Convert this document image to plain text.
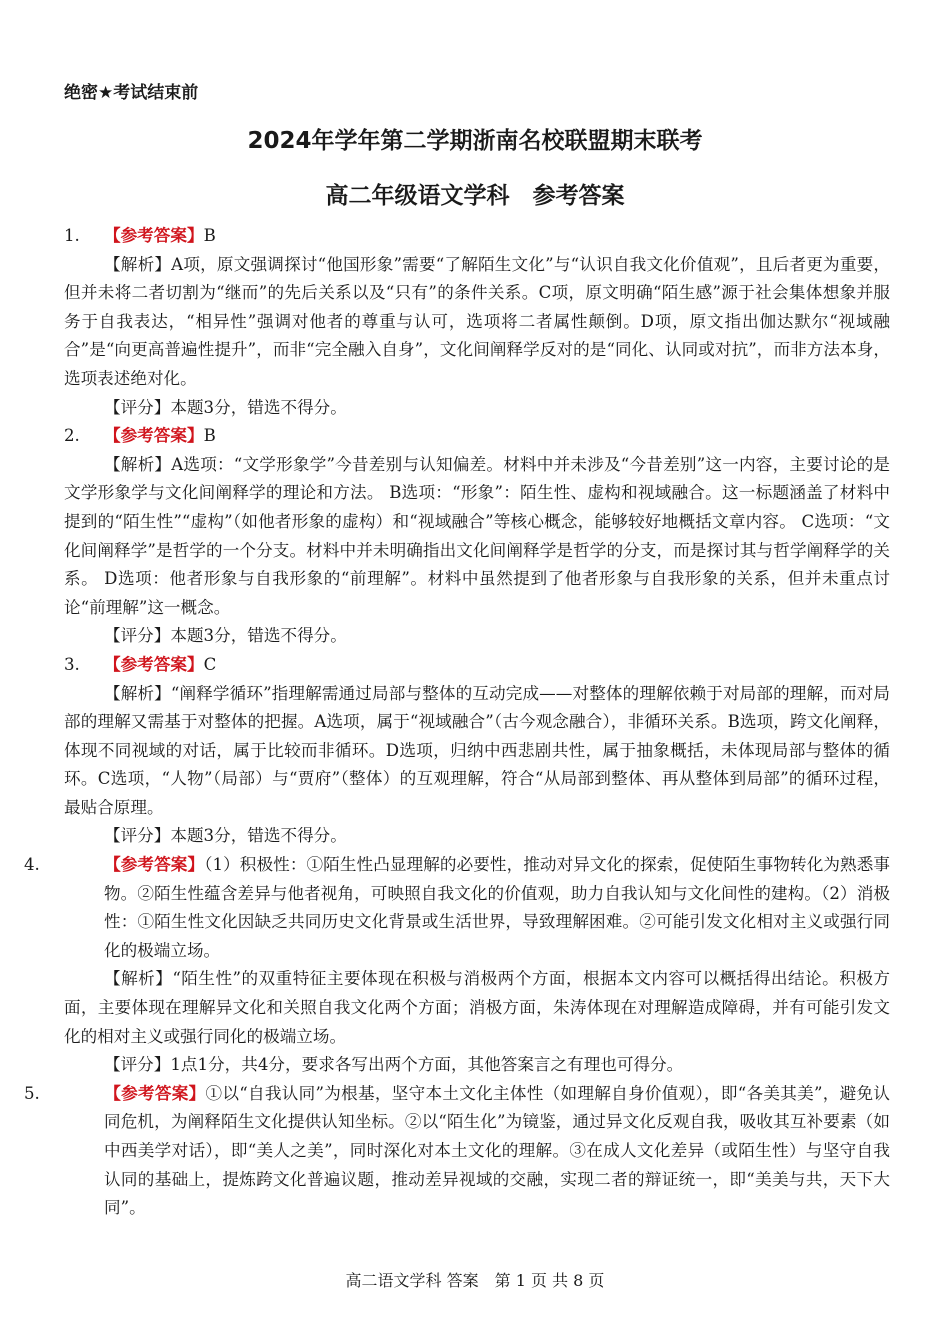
绝密★考试结束前
2024年学年第二学期浙南名校联盟期末联考
高二年级语文学科　参考答案
1. 【参考答案】B

【解析】A项，原文强调探讨“他国形象”需要“了解陌生文化”与“认识自我文化价值观”，且后者更为重要，但并未将二者切割为“继而”的先后关系以及“只有”的条件关系。C项，原文明确“陌生感”源于社会集体想象并服务于自我表达，“相异性”强调对他者的尊重与认可，选项将二者属性颠倒。D项，原文指出伽达默尔“视域融合”是“向更高普遍性提升”，而非“完全融入自身”，文化间阐释学反对的是“同化、认同或对抗”，而非方法本身，选项表述绝对化。

【评分】本题3分，错选不得分。

2. 【参考答案】B

【解析】A选项：“文学形象学”今昔差别与认知偏差。材料中并未涉及“今昔差别”这一内容，主要讨论的是文学形象学与文化间阐释学的理论和方法。 B选项：“形象”：陌生性、虚构和视域融合。这一标题涵盖了材料中提到的“陌生性”“虚构”（如他者形象的虚构）和“视域融合”等核心概念，能够较好地概括文章内容。 C选项：“文化间阐释学”是哲学的一个分支。材料中并未明确指出文化间阐释学是哲学的分支，而是探讨其与哲学阐释学的关系。 D选项：他者形象与自我形象的“前理解”。材料中虽然提到了他者形象与自我形象的关系，但并未重点讨论“前理解”这一概念。

【评分】本题3分，错选不得分。

3. 【参考答案】C

【解析】“阐释学循环”指理解需通过局部与整体的互动完成——对整体的理解依赖于对局部的理解，而对局部的理解又需基于对整体的把握。A选项，属于“视域融合”（古今观念融合），非循环关系。B选项，跨文化阐释，体现不同视域的对话，属于比较而非循环。D选项，归纳中西悲剧共性，属于抽象概括，未体现局部与整体的循环。C选项，“人物”（局部）与“贾府”（整体）的互观理解，符合“从局部到整体、再从整体到局部”的循环过程，最贴合原理。

【评分】本题3分，错选不得分。

4.	【参考答案】（1）积极性：①陌生性凸显理解的必要性，推动对异文化的探索，促使陌生事物转化为熟悉事物。②陌生性蕴含差异与他者视角，可映照自我文化的价值观，助力自我认知与文化间性的建构。（2）消极性：①陌生性文化因缺乏共同历史文化背景或生活世界，导致理解困难。②可能引发文化相对主义或强行同化的极端立场。

【解析】“陌生性”的双重特征主要体现在积极与消极两个方面，根据本文内容可以概括得出结论。积极方面，主要体现在理解异文化和关照自我文化两个方面；消极方面，朱涛体现在对理解造成障碍，并有可能引发文化的相对主义或强行同化的极端立场。

【评分】1点1分，共4分，要求各写出两个方面，其他答案言之有理也可得分。

5.	【参考答案】①以“自我认同”为根基，坚守本土文化主体性（如理解自身价值观），即“各美其美”，避免认同危机，为阐释陌生文化提供认知坐标。②以“陌生化”为镜鉴，通过异文化反观自我，吸收其互补要素（如中西美学对话），即“美人之美”，同时深化对本土文化的理解。③在成人文化差异（或陌生性）与坚守自我认同的基础上，提炼跨文化普遍议题，推动差异视域的交融，实现二者的辩证统一，即“美美与共，天下大同”。

高二语文学科 答案　第 1 页 共 8 页
